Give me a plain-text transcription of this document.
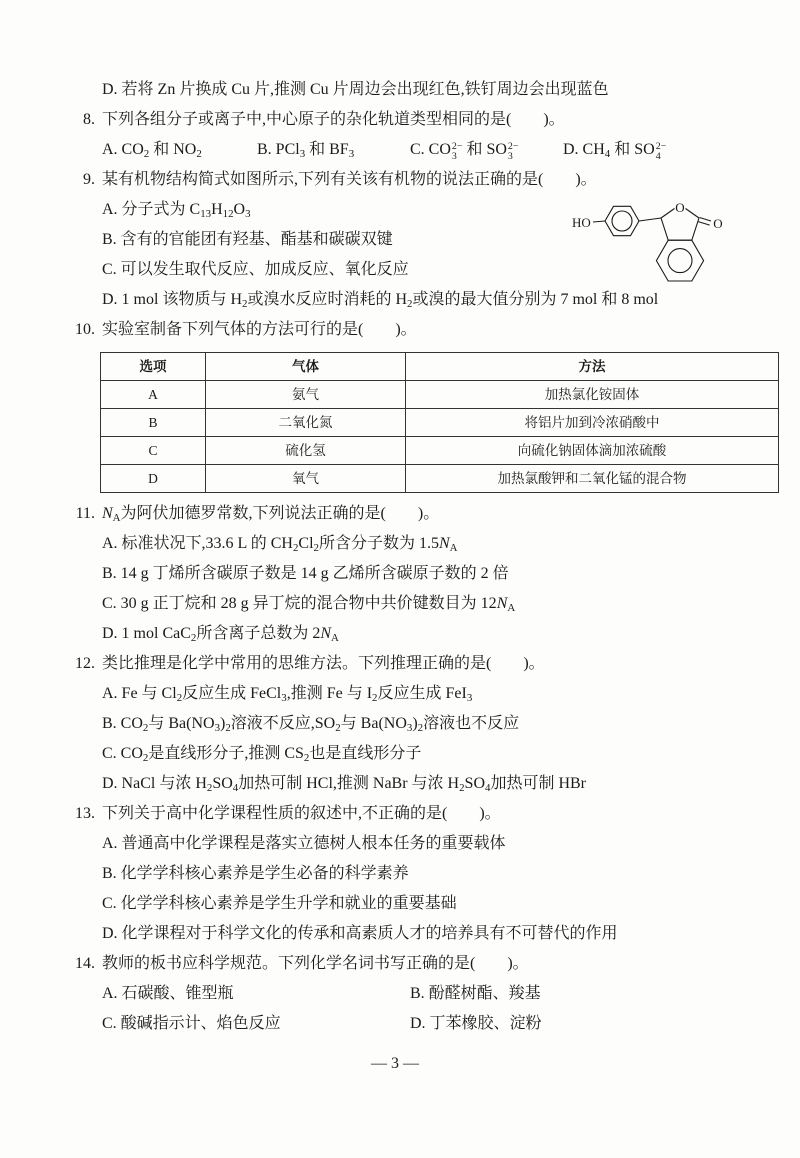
D. 若将 Zn 片换成 Cu 片,推测 Cu 片周边会出现红色,铁钉周边会出现蓝色
8. 下列各组分子或离子中,中心原子的杂化轨道类型相同的是(        )。
A. $CO_2$ 和 $NO_2$	B. PCl$_3$ 和 $BF_3$	C. CO 2−
3 和 SO 2−
3	D. $CH_4$ 和 SO 2−
4
9. 某有机物结构简式如图所示,下列有关该有机物的说法正确的是(        )。
A. 分子式为 $C_{13}H_{12}O_3$
B. 含有的官能团有羟基、酯基和碳碳双键
C. 可以发生取代反应、加成反应、氧化反应
D. 1 mol 该物质与 $H_2$或溴水反应时消耗的 $H_2$或溴的最大值分别为 7 mol 和 8 mol
10. 实验室制备下列气体的方法可行的是(        )。
选项	气体	方法
A	氨气	加热氯化铵固体
B	二氧化氮	将铝片加到冷浓硝酸中
C	硫化氢	向硫化钠固体滴加浓硫酸
D	氧气	加热氯酸钾和二氧化锰的混合物
11. $N_A$为阿伏加德罗常数,下列说法正确的是(        )。
A. 标准状况下,33.6 L 的 $CH_2Cl_2$所含分子数为 $1.5N_A$
B. 14 g 丁烯所含碳原子数是 14 g 乙烯所含碳原子数的 2 倍
C. 30 g 正丁烷和 28 g 异丁烷的混合物中共价键数目为 $12N_A$
D. 1 mol CaC$_2$所含离子总数为 $2N_A$
12. 类比推理是化学中常用的思维方法。下列推理正确的是(        )。
A. Fe 与 $Cl_2$反应生成 FeCl$_3$,推测 Fe 与 $I_2$反应生成 FeI$_3$
B. $CO_2$与 $Ba(NO_3)_2$溶液不反应$,SO_2$与 $Ba(NO_3)_2$溶液也不反应
C. $CO_2$是直线形分子,推测 $CS_2$也是直线形分子
D. NaCl 与浓 $H_2SO_4$加热可制 HCl,推测 NaBr 与浓 $H_2SO_4$加热可制 HBr
13. 下列关于高中化学课程性质的叙述中,不正确的是(        )。
A. 普通高中化学课程是落实立德树人根本任务的重要载体
B. 化学学科核心素养是学生必备的科学素养
C. 化学学科核心素养是学生升学和就业的重要基础
D. 化学课程对于科学文化的传承和高素质人才的培养具有不可替代的作用
14. 教师的板书应科学规范。下列化学名词书写正确的是(        )。
A. 石碳酸、锥型瓶	B. 酚醛树酯、羧基
C. 酸碱指示计、焰色反应	D. 丁苯橡胶、淀粉
HO
O
O
— 3 —
